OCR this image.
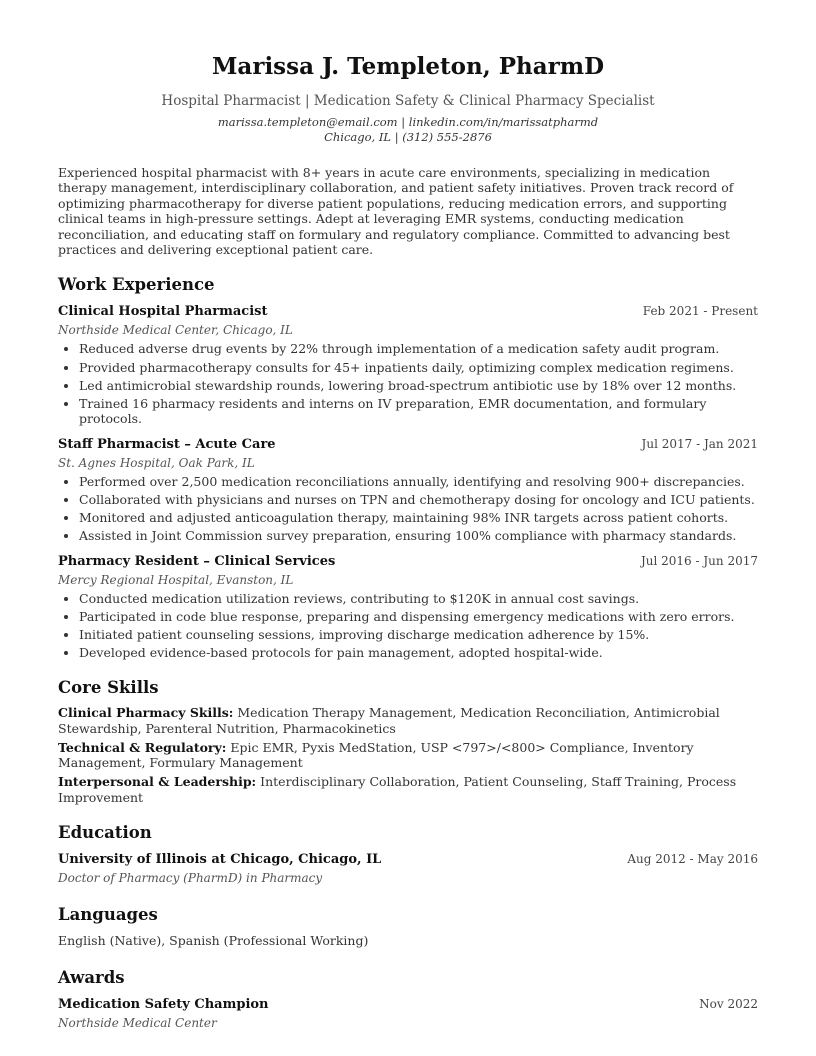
Marissa J. Templeton, PharmD
Hospital Pharmacist | Medication Safety & Clinical Pharmacy Specialist
marissa.templeton@email.com | linkedin.com/in/marissatpharmd
Chicago, IL | (312) 555-2876
Experienced hospital pharmacist with 8+ years in acute care environments, specializing in medication therapy management, interdisciplinary collaboration, and patient safety initiatives. Proven track record of optimizing pharmacotherapy for diverse patient populations, reducing medication errors, and supporting clinical teams in high-pressure settings. Adept at leveraging EMR systems, conducting medication reconciliation, and educating staff on formulary and regulatory compliance. Committed to advancing best practices and delivering exceptional patient care.
Work Experience
Clinical Hospital Pharmacist	Feb 2021 - Present
Northside Medical Center, Chicago, IL
• Reduced adverse drug events by 22% through implementation of a medication safety audit program.
• Provided pharmacotherapy consults for 45+ inpatients daily, optimizing complex medication regimens.
• Led antimicrobial stewardship rounds, lowering broad-spectrum antibiotic use by 18% over 12 months.
• Trained 16 pharmacy residents and interns on IV preparation, EMR documentation, and formulary protocols.
Staff Pharmacist – Acute Care	Jul 2017 - Jan 2021
St. Agnes Hospital, Oak Park, IL
• Performed over 2,500 medication reconciliations annually, identifying and resolving 900+ discrepancies.
• Collaborated with physicians and nurses on TPN and chemotherapy dosing for oncology and ICU patients.
• Monitored and adjusted anticoagulation therapy, maintaining 98% INR targets across patient cohorts.
• Assisted in Joint Commission survey preparation, ensuring 100% compliance with pharmacy standards.
Pharmacy Resident – Clinical Services	Jul 2016 - Jun 2017
Mercy Regional Hospital, Evanston, IL
• Conducted medication utilization reviews, contributing to $120K in annual cost savings.
• Participated in code blue response, preparing and dispensing emergency medications with zero errors.
• Initiated patient counseling sessions, improving discharge medication adherence by 15%.
• Developed evidence-based protocols for pain management, adopted hospital-wide.
Core Skills
Clinical Pharmacy Skills: Medication Therapy Management, Medication Reconciliation, Antimicrobial Stewardship, Parenteral Nutrition, Pharmacokinetics
Technical & Regulatory: Epic EMR, Pyxis MedStation, USP <797>/<800> Compliance, Inventory Management, Formulary Management
Interpersonal & Leadership: Interdisciplinary Collaboration, Patient Counseling, Staff Training, Process Improvement
Education
University of Illinois at Chicago, Chicago, IL	Aug 2012 - May 2016
Doctor of Pharmacy (PharmD) in Pharmacy
Languages
English (Native), Spanish (Professional Working)
Awards
Medication Safety Champion	Nov 2022
Northside Medical Center
